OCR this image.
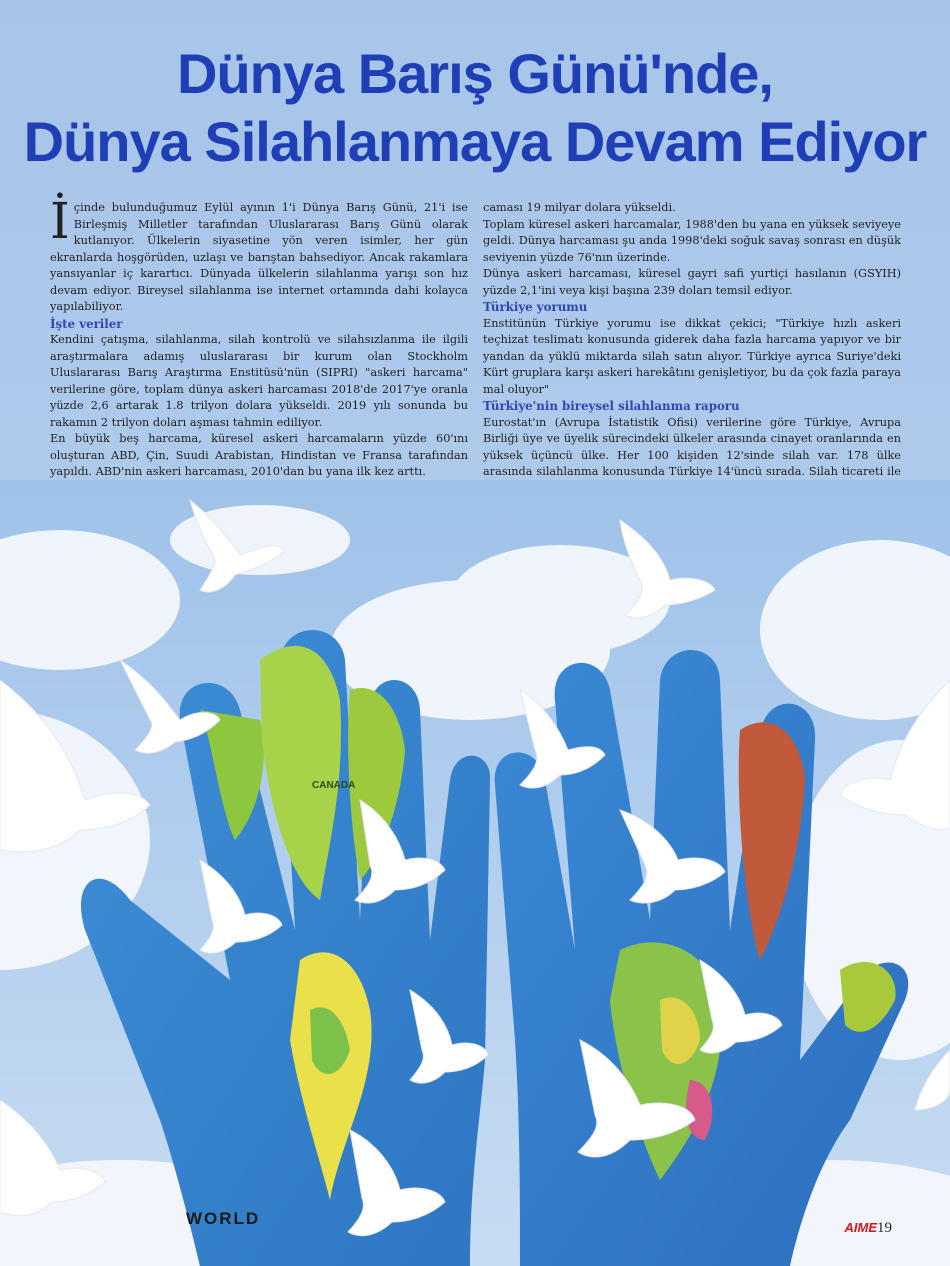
Dünya Barış Günü'nde,
Dünya Silahlanmaya Devam Ediyor
İ çinde bulunduğumuz Eylül ayının 1'i Dünya Barış Günü, 21'i ise Birleşmiş Milletler tarafından Uluslararası Barış Günü olarak kutlanıyor. Ülkelerin siyasetine yön veren isimler, her gün ekranlarda hoşgörüden, uzlaşı ve barıştan bahsediyor. Ancak rakamlara yansıyanlar iç karartıcı. Dünyada ülkelerin silahlanma yarışı son hız devam ediyor. Bireysel silahlanma ise internet ortamında dahi kolayca yapılabiliyor.

İşte veriler

Kendini çatışma, silahlanma, silah kontrolü ve silahsızlanma ile ilgili araştırmalara adamış uluslararası bir kurum olan Stockholm Uluslararası Barış Araştırma Enstitüsü'nün (SIPRI) "askeri harcama" verilerine göre, toplam dünya askeri harcaması 2018'de 2017'ye oranla yüzde 2,6 artarak 1.8 trilyon dolara yükseldi. 2019 yılı sonunda bu rakamın 2 trilyon doları aşması tahmin ediliyor.

En büyük beş harcama, küresel askeri harcamaların yüzde 60'ını oluşturan ABD, Çin, Suudi Arabistan, Hindistan ve Fransa tarafından yapıldı. ABD'nin askeri harcaması, 2010'dan bu yana ilk kez arttı.

caması 19 milyar dolara yükseldi.

Toplam küresel askeri harcamalar, 1988'den bu yana en yüksek seviyeye geldi. Dünya harcaması şu anda 1998'deki soğuk savaş sonrası en düşük seviyenin yüzde 76'nın üzerinde.

Dünya askeri harcaması, küresel gayri safi yurtiçi hasılanın (GSYIH) yüzde 2,1'ini veya kişi başına 239 doları temsil ediyor.

Türkiye yorumu

Enstitünün Türkiye yorumu ise dikkat çekici; "Türkiye hızlı askeri teçhizat teslimatı konusunda giderek daha fazla harcama yapıyor ve bir yandan da yüklü miktarda silah satın alıyor. Türkiye ayrıca Suriye'deki Kürt gruplara karşı askeri harekâtını genişletiyor, bu da çok fazla paraya mal oluyor"

Türkiye'nin bireysel silahlanma raporu

Eurostat'ın (Avrupa İstatistik Ofisi) verilerine göre Türkiye, Avrupa Birliği üye ve üyelik sürecindeki ülkeler arasında cinayet oranlarında en yüksek üçüncü ülke. Her 100 kişiden 12'sinde silah var. 178 ülke arasında silahlanma konusunda Türkiye 14'üncü sırada. Silah ticareti ile

CANADA
WORLD	AIME19
